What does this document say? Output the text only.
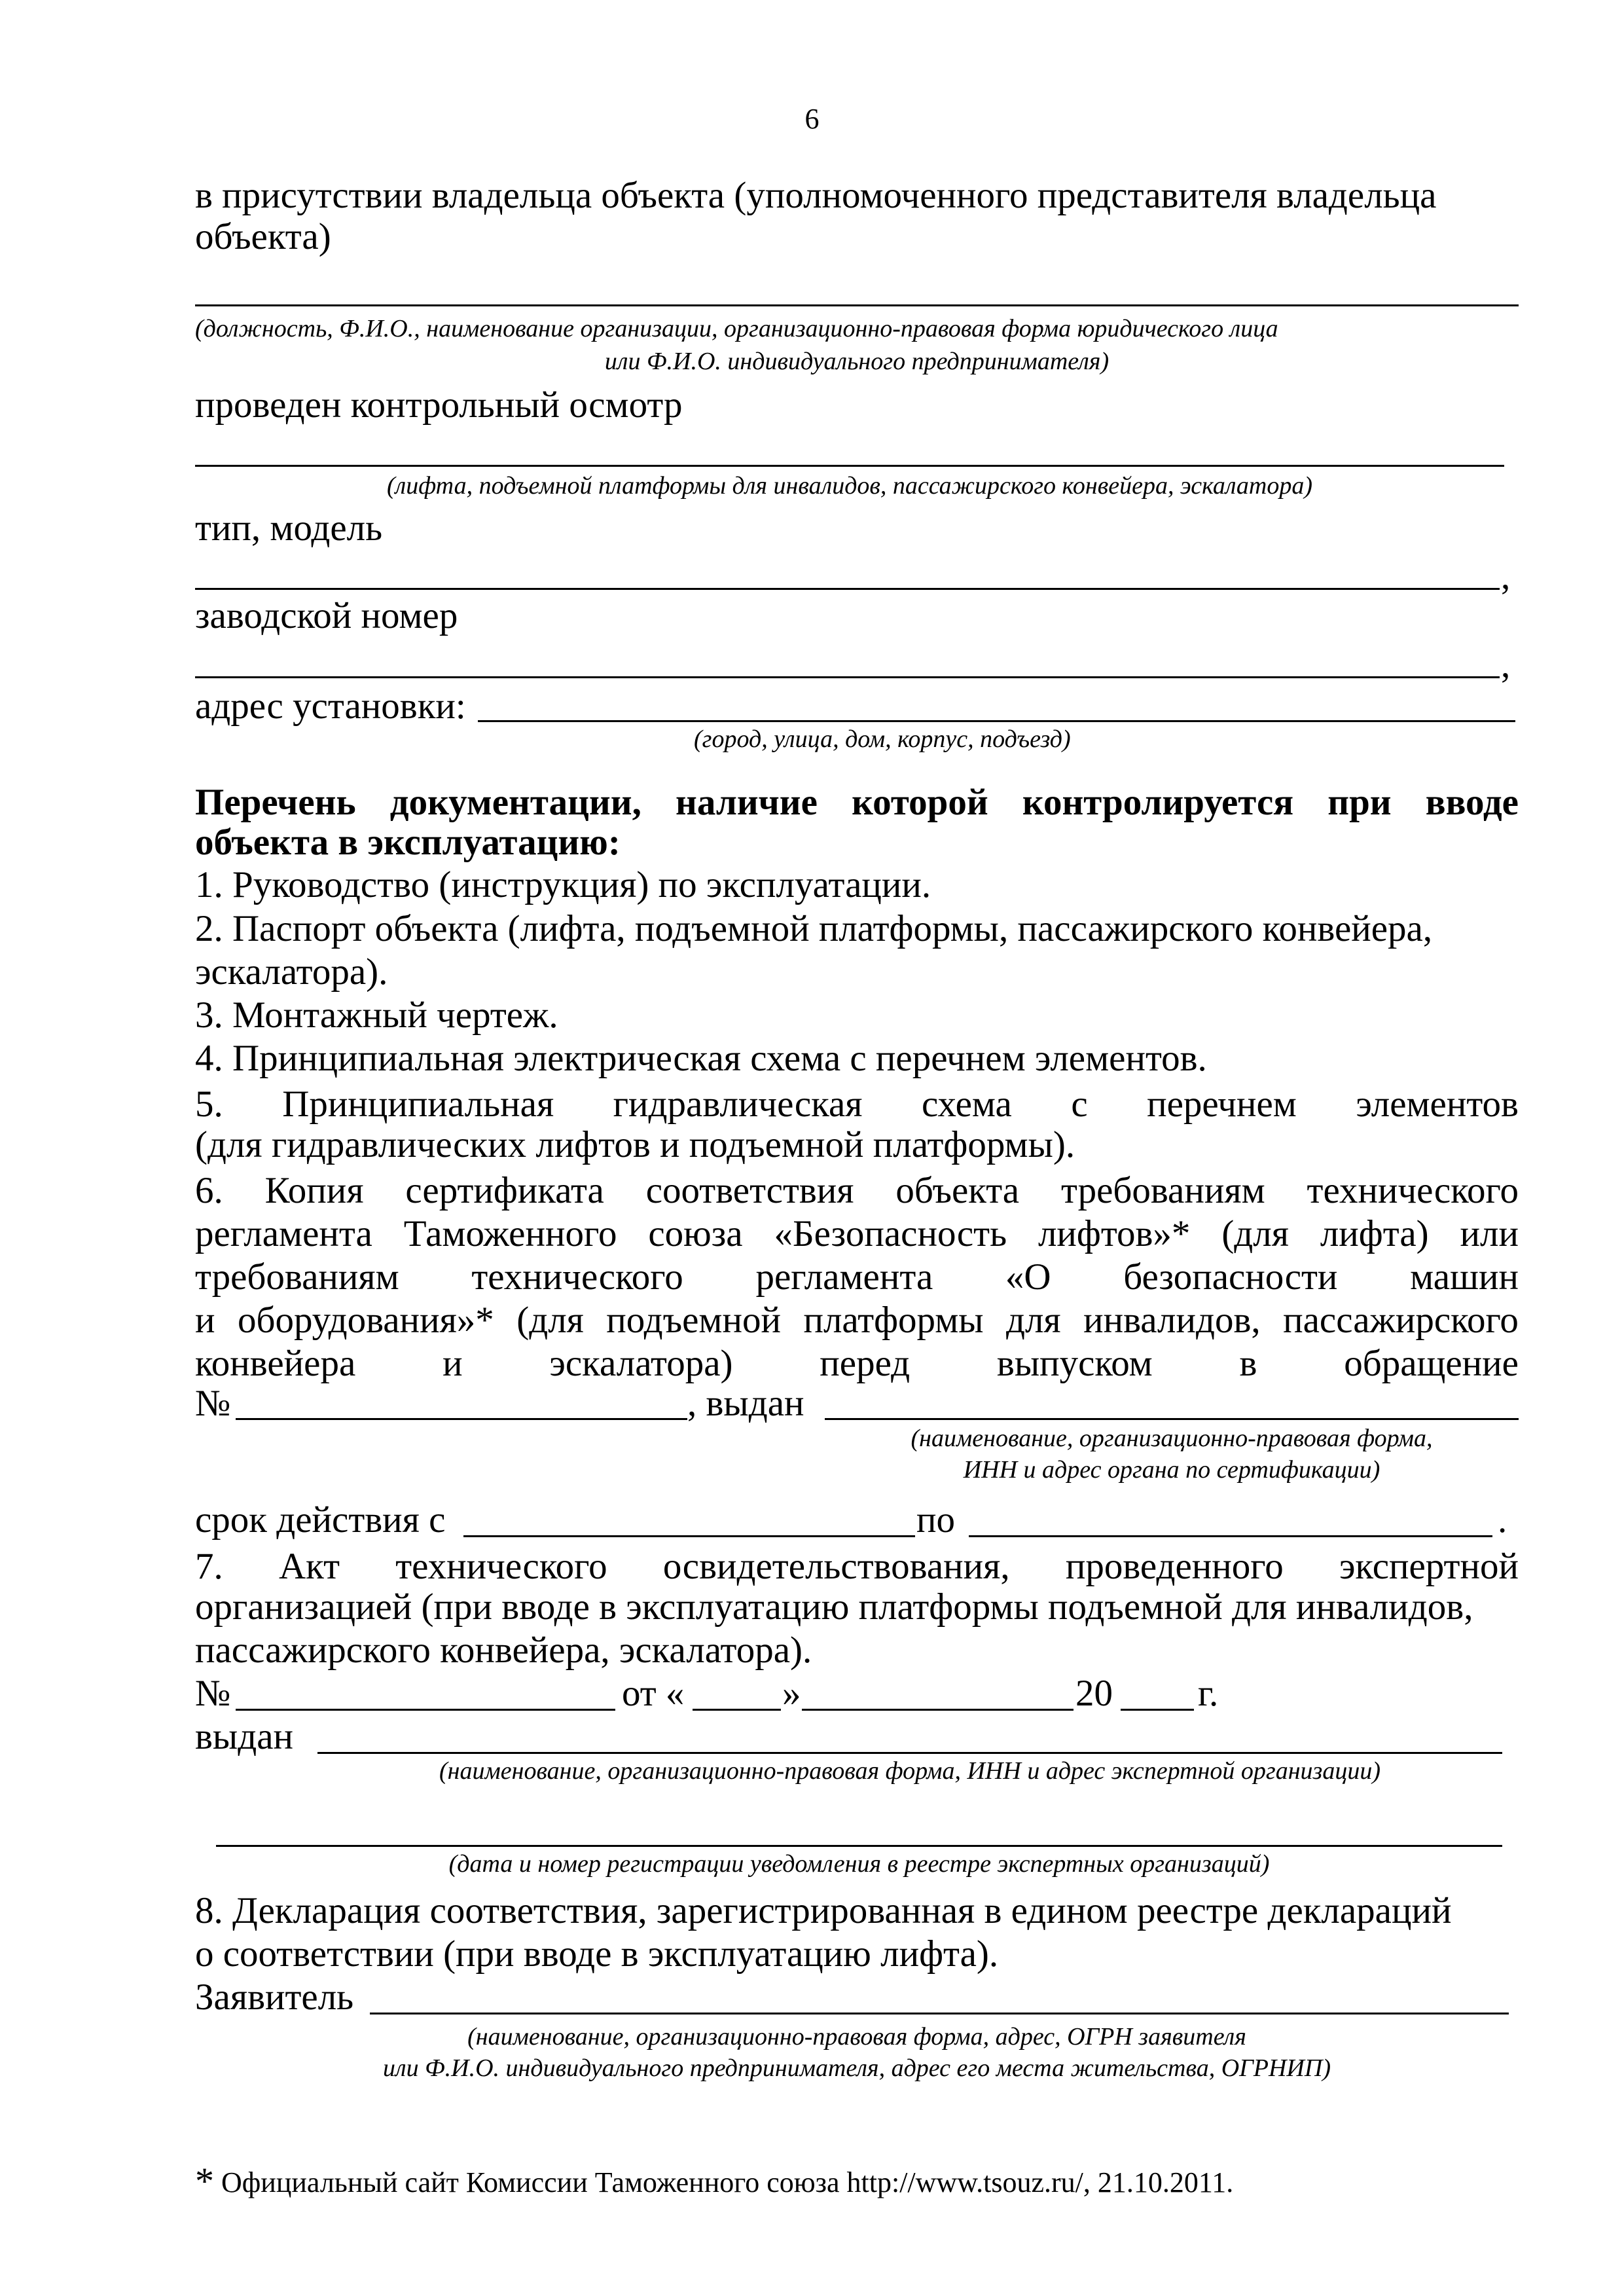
6
в присутствии владельца объекта (уполномоченного представителя владельца
объекта)
(должность, Ф.И.О., наименование организации, организационно-правовая форма юридического лица
или Ф.И.О. индивидуального предпринимателя)
проведен контрольный осмотр
(лифта, подъемной платформы для инвалидов, пассажирского конвейера, эскалатора)
тип, модель
,
заводской номер
,
адрес установки:
(город, улица, дом, корпус, подъезд)
Перечень документации, наличие которой контролируется при вводе
объекта в эксплуатацию:
1. Руководство (инструкция) по эксплуатации.
2. Паспорт объекта (лифта, подъемной платформы, пассажирского конвейера,
эскалатора).
3. Монтажный чертеж.
4. Принципиальная электрическая схема с перечнем элементов.
5. Принципиальная гидравлическая схема с перечнем элементов
(для гидравлических лифтов и подъемной платформы).
6. Копия сертификата соответствия объекта требованиям технического
регламента Таможенного союза «Безопасность лифтов»* (для лифта) или
требованиям технического регламента «О безопасности машин
и оборудования»* (для подъемной платформы для инвалидов, пассажирского
конвейера и эскалатора) перед выпуском в обращение
№	, выдан
(наименование, организационно-правовая форма,
ИНН и адрес органа по сертификации)
срок действия с	по	.
7. Акт технического освидетельствования, проведенного экспертной
организацией (при вводе в эксплуатацию платформы подъемной для инвалидов,
пассажирского конвейера, эскалатора).
№	от «	»	20 г.
выдан
(наименование, организационно-правовая форма, ИНН и адрес экспертной организации)
(дата и номер регистрации уведомления в реестре экспертных организаций)
8. Декларация соответствия, зарегистрированная в едином реестре деклараций
о соответствии (при вводе в эксплуатацию лифта).
Заявитель
(наименование, организационно-правовая форма, адрес, ОГРН заявителя
или Ф.И.О. индивидуального предпринимателя, адрес его места жительства, ОГРНИП)
* Официальный сайт Комиссии Таможенного союза http://www.tsouz.ru/, 21.10.2011.
